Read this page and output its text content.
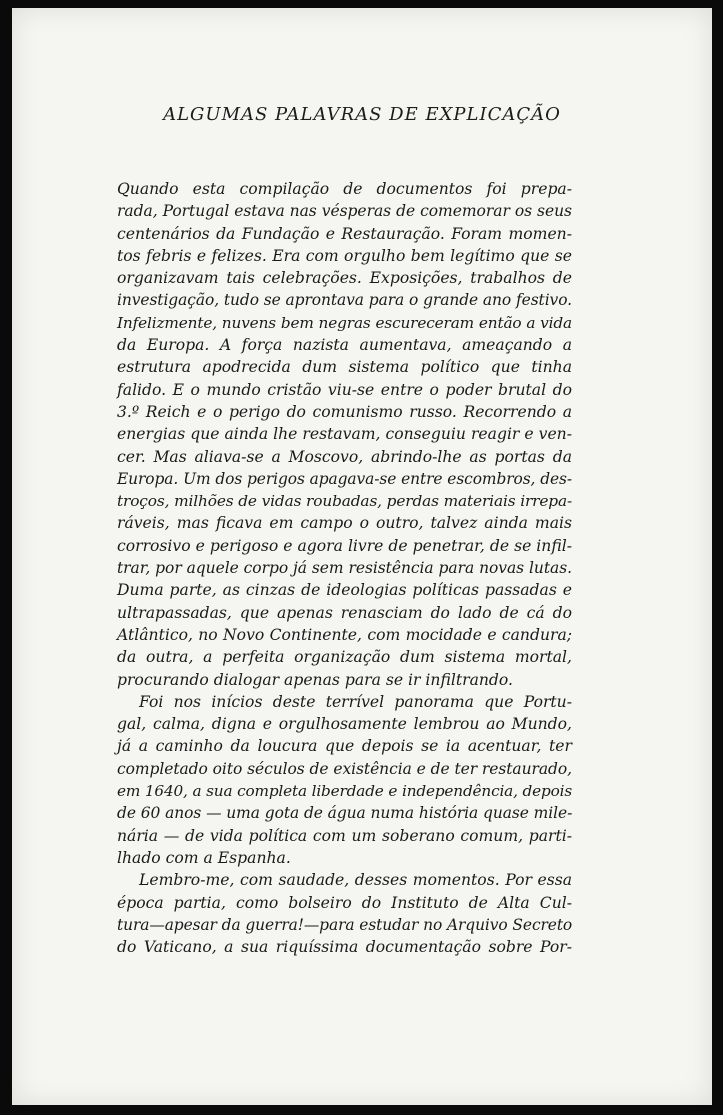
ALGUMAS PALAVRAS DE EXPLICAÇÃO
Quando esta compilação de documentos foi prepa-
rada, Portugal estava nas vésperas de comemorar os seus
centenários da Fundação e Restauração. Foram momen-
tos febris e felizes. Era com orgulho bem legítimo que se
organizavam tais celebrações. Exposições, trabalhos de
investigação, tudo se aprontava para o grande ano festivo.
Infelizmente, nuvens bem negras escureceram então a vida
da Europa. A força nazista aumentava, ameaçando a
estrutura apodrecida dum sistema político que tinha
falido. E o mundo cristão viu-se entre o poder brutal do
3.º Reich e o perigo do comunismo russo. Recorrendo a
energias que ainda lhe restavam, conseguiu reagir e ven-
cer. Mas aliava-se a Moscovo, abrindo-lhe as portas da
Europa. Um dos perigos apagava-se entre escombros, des-
troços, milhões de vidas roubadas, perdas materiais irrepa-
ráveis, mas ficava em campo o outro, talvez ainda mais
corrosivo e perigoso e agora livre de penetrar, de se infil-
trar, por aquele corpo já sem resistência para novas lutas.
Duma parte, as cinzas de ideologias políticas passadas e
ultrapassadas, que apenas renasciam do lado de cá do
Atlântico, no Novo Continente, com mocidade e candura;
da outra, a perfeita organização dum sistema mortal,
procurando dialogar apenas para se ir infiltrando.
Foi nos inícios deste terrível panorama que Portu-
gal, calma, digna e orgulhosamente lembrou ao Mundo,
já a caminho da loucura que depois se ia acentuar, ter
completado oito séculos de existência e de ter restaurado,
em 1640, a sua completa liberdade e independência, depois
de 60 anos — uma gota de água numa história quase mile-
nária — de vida política com um soberano comum, parti-
lhado com a Espanha.
Lembro-me, com saudade, desses momentos. Por essa
época partia, como bolseiro do Instituto de Alta Cul-
tura—apesar da guerra!—para estudar no Arquivo Secreto
do Vaticano, a sua riquíssima documentação sobre Por-
